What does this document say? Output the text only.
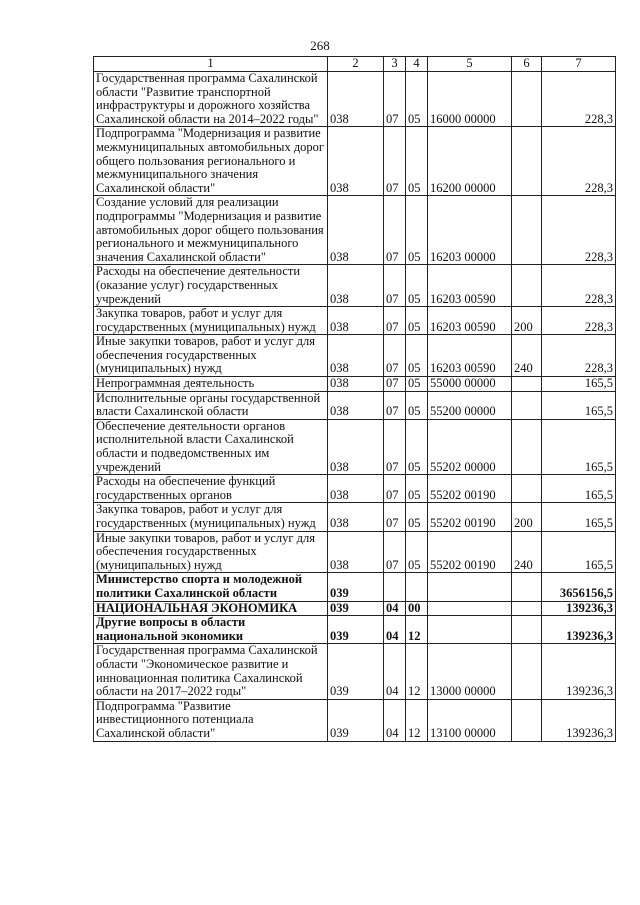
268
1	2	3	4	5	6	7
Государственная программа Сахалинской области "Развитие транспортной инфраструктуры и дорожного хозяйства Сахалинской области на 2014–2022 годы"	038	07	05	16000 00000		228,3
Подпрограмма "Модернизация и развитие межмуниципальных автомобильных дорог общего пользования регионального и межмуниципального значения Сахалинской области"	038	07	05	16200 00000		228,3
Создание условий для реализации подпрограммы "Модернизация и развитие автомобильных дорог общего пользования регионального и межмуниципального значения Сахалинской области"	038	07	05	16203 00000		228,3
Расходы на обеспечение деятельности (оказание услуг) государственных учреждений	038	07	05	16203 00590		228,3
Закупка товаров, работ и услуг для государственных (муниципальных) нужд	038	07	05	16203 00590	200	228,3
Иные закупки товаров, работ и услуг для обеспечения государственных (муниципальных) нужд	038	07	05	16203 00590	240	228,3
Непрограммная деятельность	038	07	05	55000 00000		165,5
Исполнительные органы государственной власти Сахалинской области	038	07	05	55200 00000		165,5
Обеспечение деятельности органов исполнительной власти Сахалинской области и подведомственных им учреждений	038	07	05	55202 00000		165,5
Расходы на обеспечение функций государственных органов	038	07	05	55202 00190		165,5
Закупка товаров, работ и услуг для государственных (муниципальных) нужд	038	07	05	55202 00190	200	165,5
Иные закупки товаров, работ и услуг для обеспечения государственных (муниципальных) нужд	038	07	05	55202 00190	240	165,5
Министерство спорта и молодежной политики Сахалинской области	039					3656156,5
НАЦИОНАЛЬНАЯ ЭКОНОМИКА	039	04	00			139236,3
Другие вопросы в области национальной экономики	039	04	12			139236,3
Государственная программа Сахалинской области "Экономическое развитие и инновационная политика Сахалинской области на 2017–2022 годы"	039	04	12	13000 00000		139236,3
Подпрограмма "Развитие инвестиционного потенциала Сахалинской области"	039	04	12	13100 00000		139236,3
